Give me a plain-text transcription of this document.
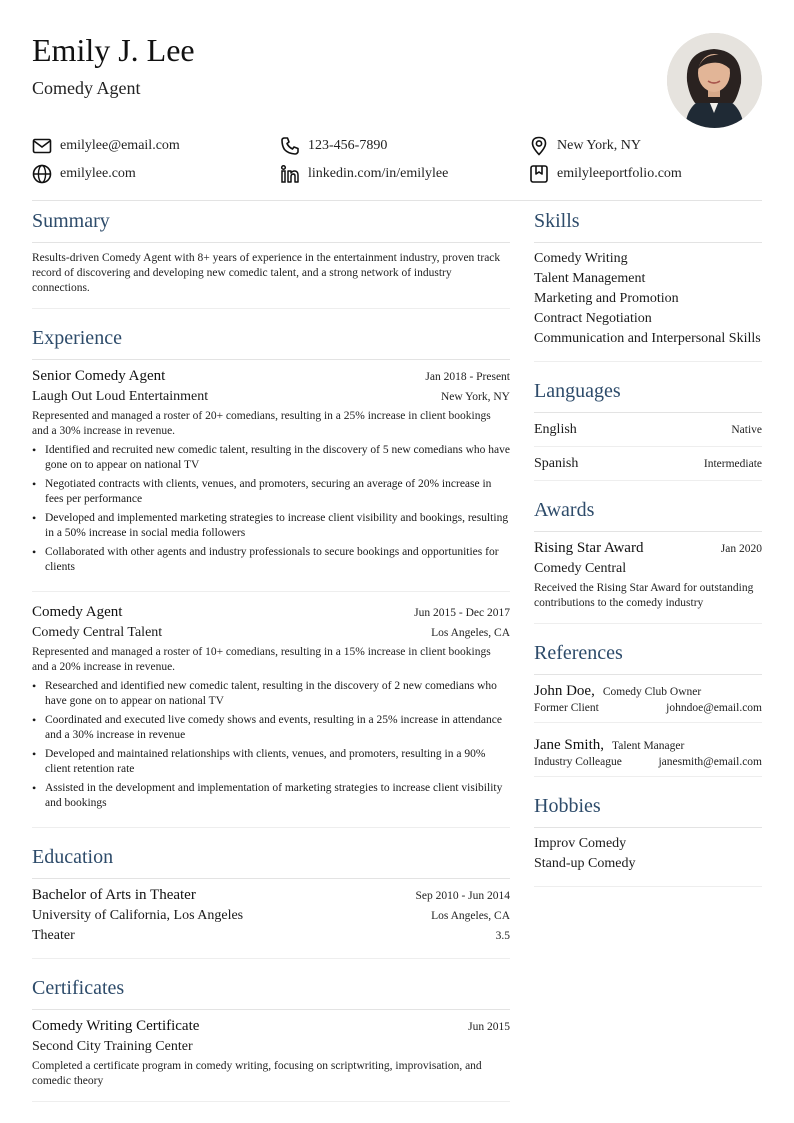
Emily J. Lee
Comedy Agent
emilylee@email.com	123-456-7890	New York, NY
emilylee.com	linkedin.com/in/emilylee	emilyleeportfolio.com
Summary
Results-driven Comedy Agent with 8+ years of experience in the entertainment industry, proven track record of discovering and developing new comedic talent, and a strong network of industry connections.
Experience
Senior Comedy Agent	Jan 2018 - Present
Laugh Out Loud Entertainment	New York, NY
Represented and managed a roster of 20+ comedians, resulting in a 25% increase in client bookings and a 30% increase in revenue.
• Identified and recruited new comedic talent, resulting in the discovery of 5 new comedians who have gone on to appear on national TV
• Negotiated contracts with clients, venues, and promoters, securing an average of 20% increase in fees per performance
• Developed and implemented marketing strategies to increase client visibility and bookings, resulting in a 50% increase in social media followers
• Collaborated with other agents and industry professionals to secure bookings and opportunities for clients
Comedy Agent	Jun 2015 - Dec 2017
Comedy Central Talent	Los Angeles, CA
Represented and managed a roster of 10+ comedians, resulting in a 15% increase in client bookings and a 20% increase in revenue.
• Researched and identified new comedic talent, resulting in the discovery of 2 new comedians who have gone on to appear on national TV
• Coordinated and executed live comedy shows and events, resulting in a 25% increase in attendance and a 30% increase in revenue
• Developed and maintained relationships with clients, venues, and promoters, resulting in a 90% client retention rate
• Assisted in the development and implementation of marketing strategies to increase client visibility and bookings
Education
Bachelor of Arts in Theater	Sep 2010 - Jun 2014
University of California, Los Angeles	Los Angeles, CA
Theater	3.5
Certificates
Comedy Writing Certificate	Jun 2015
Second City Training Center
Completed a certificate program in comedy writing, focusing on scriptwriting, improvisation, and comedic theory
Skills
Comedy Writing
Talent Management
Marketing and Promotion
Contract Negotiation
Communication and Interpersonal Skills
Languages
English	Native
Spanish	Intermediate
Awards
Rising Star Award	Jan 2020
Comedy Central
Received the Rising Star Award for outstanding contributions to the comedy industry
References
John Doe, Comedy Club Owner
Former Client	johndoe@email.com
Jane Smith, Talent Manager
Industry Colleague	janesmith@email.com
Hobbies
Improv Comedy
Stand-up Comedy
